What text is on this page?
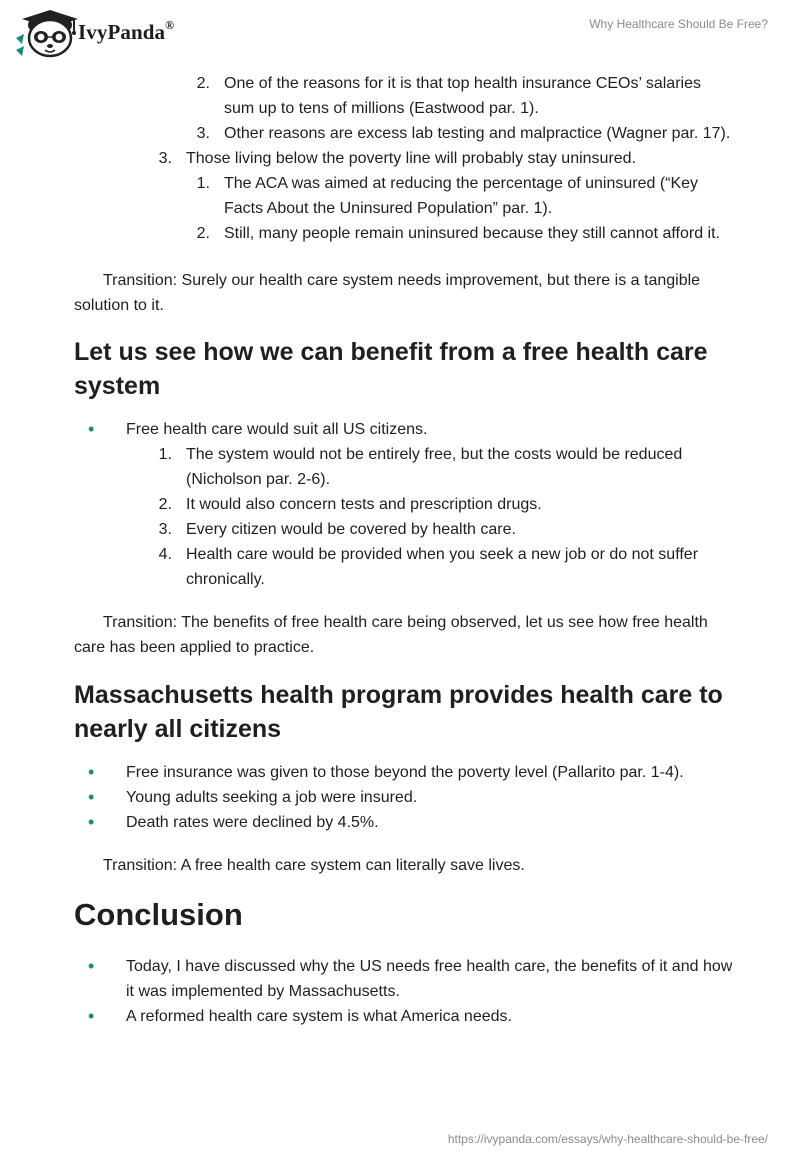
IvyPanda®	Why Healthcare Should Be Free?
2. One of the reasons for it is that top health insurance CEOs’ salaries sum up to tens of millions (Eastwood par. 1).
3. Other reasons are excess lab testing and malpractice (Wagner par. 17).
3. Those living below the poverty line will probably stay uninsured.
1. The ACA was aimed at reducing the percentage of uninsured (“Key Facts About the Uninsured Population” par. 1).
2. Still, many people remain uninsured because they still cannot afford it.

Transition: Surely our health care system needs improvement, but there is a tangible solution to it.

Let us see how we can benefit from a free health care system
• Free health care would suit all US citizens.
1. The system would not be entirely free, but the costs would be reduced (Nicholson par. 2-6).
2. It would also concern tests and prescription drugs.
3. Every citizen would be covered by health care.
4. Health care would be provided when you seek a new job or do not suffer chronically.

Transition: The benefits of free health care being observed, let us see how free health care has been applied to practice.

Massachusetts health program provides health care to nearly all citizens
• Free insurance was given to those beyond the poverty level (Pallarito par. 1-4).
• Young adults seeking a job were insured.
• Death rates were declined by 4.5%.

Transition: A free health care system can literally save lives.

Conclusion
• Today, I have discussed why the US needs free health care, the benefits of it and how it was implemented by Massachusetts.
• A reformed health care system is what America needs.
https://ivypanda.com/essays/why-healthcare-should-be-free/
